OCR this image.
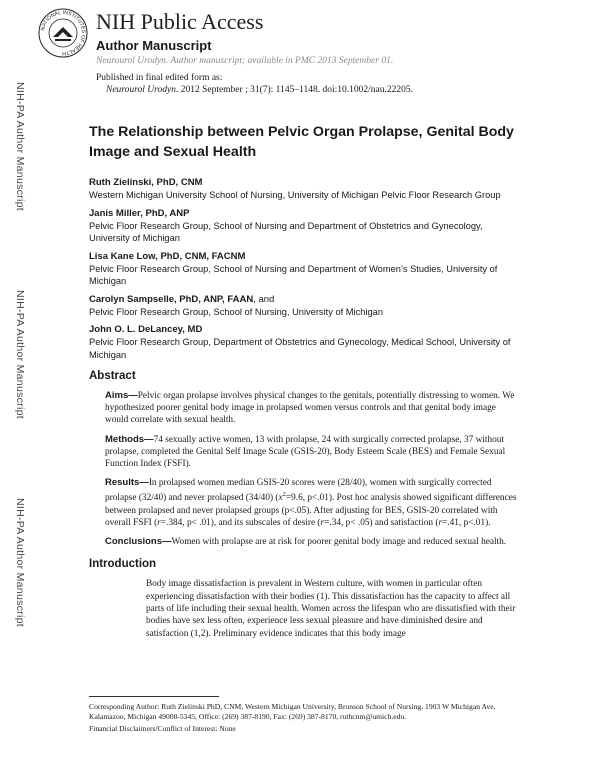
NATIONAL INSTITUTES OF HEALTH
NIH Public Access
Author Manuscript
Neurourol Urodyn. Author manuscript; available in PMC 2013 September 01.
Published in final edited form as:
Neurourol Urodyn. 2012 September ; 31(7): 1145–1148. doi:10.1002/nau.22205.
NIH-PA Author Manuscript
NIH-PA Author Manuscript
NIH-PA Author Manuscript
The Relationship between Pelvic Organ Prolapse, Genital Body Image and Sexual Health
Ruth Zielinski, PhD, CNM
Western Michigan University School of Nursing, University of Michigan Pelvic Floor Research Group
Janis Miller, PhD, ANP
Pelvic Floor Research Group, School of Nursing and Department of Obstetrics and Gynecology, University of Michigan
Lisa Kane Low, PhD, CNM, FACNM
Pelvic Floor Research Group, School of Nursing and Department of Women’s Studies, University of Michigan
Carolyn Sampselle, PhD, ANP, FAAN, and
Pelvic Floor Research Group, School of Nursing, University of Michigan
John O. L. DeLancey, MD
Pelvic Floor Research Group, Department of Obstetrics and Gynecology, Medical School, University of Michigan
Abstract
Aims—Pelvic organ prolapse involves physical changes to the genitals, potentially distressing to women. We hypothesized poorer genital body image in prolapsed women versus controls and that genital body image would correlate with sexual health.
Methods—74 sexually active women, 13 with prolapse, 24 with surgically corrected prolapse, 37 without prolapse, completed the Genital Self Image Scale (GSIS-20), Body Esteem Scale (BES) and Female Sexual Function Index (FSFI).
Results—In prolapsed women median GSIS-20 scores were (28/40), women with surgically corrected prolapse (32/40) and never prolapsed (34/40) ($x^2=9.6$, p<.01). Post hoc analysis showed significant differences between prolapsed and never prolapsed groups (p<.05). After adjusting for BES, GSIS-20 correlated with overall FSFI (r=.384, p< .01), and its subscales of desire (r=.34, p< .05) and satisfaction (r=.41, p<.01).
Conclusions—Women with prolapse are at risk for poorer genital body image and reduced sexual health.
Introduction
Body image dissatisfaction is prevalent in Western culture, with women in particular often experiencing dissatisfaction with their bodies (1). This dissatisfaction has the capacity to affect all parts of life including their sexual health. Women across the lifespan who are dissatisfied with their bodies have sex less often, experience less sexual pleasure and have diminished desire and satisfaction (1,2). Preliminary evidence indicates that this body image
Corresponding Author: Ruth Zielinski PhD, CNM, Western Michigan University, Bronson School of Nursing, 1903 W Michigan Ave, Kalamazoo, Michigan 49008-5345, Office: (269) 387-8190, Fax: (269) 387-8170, ruthcnm@umich.edu.
Financial Disclaimers/Conflict of Interest: None
